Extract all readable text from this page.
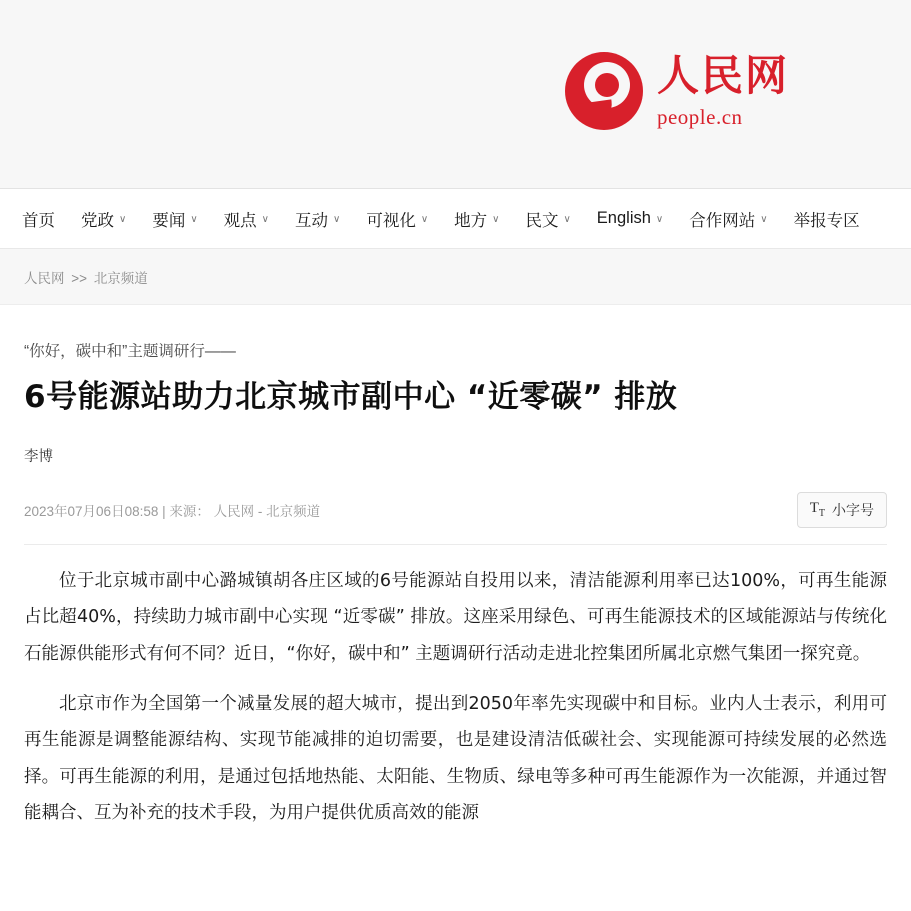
人民网
people.cn
首页 党政 ∨ 要闻 ∨ 观点 ∨ 互动 ∨ 可视化 ∨ 地方 ∨ 民文 ∨ English ∨ 合作网站 ∨ 举报专区
人民网 >> 北京频道
“你好，碳中和”主题调研行——
6号能源站助力北京城市副中心 “近零碳” 排放
李博
2023年07月06日08:58 | 来源： 人民网 - 北京频道	$T_T$ 小字号

位于北京城市副中心潞城镇胡各庄区域的6号能源站自投用以来，清洁能源利用率已达100%，可再生能源占比超40%，持续助力城市副中心实现 “近零碳” 排放。这座采用绿色、可再生能源技术的区域能源站与传统化石能源供能形式有何不同？近日，“你好，碳中和” 主题调研行活动走进北控集团所属北京燃气集团一探究竟。

北京市作为全国第一个减量发展的超大城市，提出到2050年率先实现碳中和目标。业内人士表示，利用可再生能源是调整能源结构、实现节能减排的迫切需要，也是建设清洁低碳社会、实现能源可持续发展的必然选择。可再生能源的利用，是通过包括地热能、太阳能、生物质、绿电等多种可再生能源作为一次能源，并通过智能耦合、互为补充的技术手段，为用户提供优质高效的能源
